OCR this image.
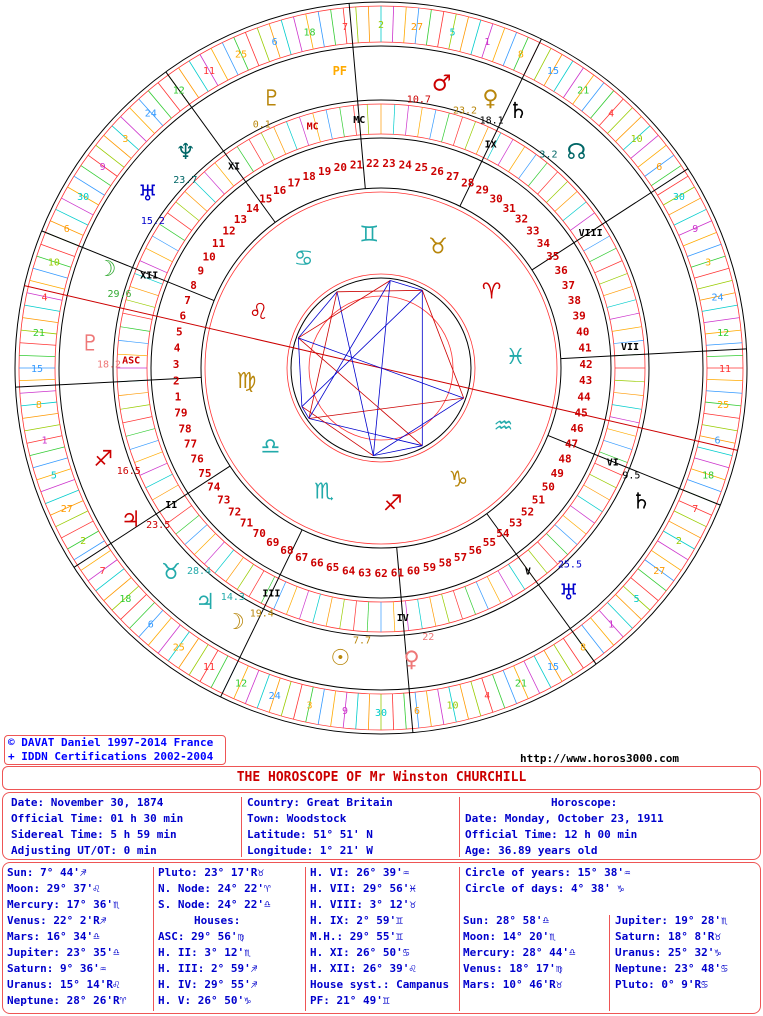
♊ ♉
♈
♓
♒
♑
♐
♏
♎
♍
♌
♋
1
2
3
4
5
6
7
8
9
10
11
12
13
14
15
16
17 18 19 20 21 22 23 24 25 26 27 28
29
30
31
32
33
34
35
36
37
38
39
40
41
42
43
44
45
46
47
48
49
50
51
52
53
54
55
56
57
58
59
60
61
62
63
64
65
66
67
68
69
70
71
72
73
74
75
76
77
78
79
11
12
24
3
9
30
6
10
4
21
15
8
1
5
27
2
7
18
6
25
11
12
24
3
9
30
6
10
4
21
15
8
1
5
27
2
7
18
6
25
11
12
24
3
9	30	6
10
4
21
15
8
1
5
27
2
7
18
6
25
♇
0.1
♂
10.7	♄
18.1
♆
23.7
♀
23.2
☊
3.2
♅
15.2
☽
29.6
♇
18.2
♐ 16.5
♃ 23.5
♉ 28.4
♃ 14.3
☽ 19.4
☉
7.7
♀
22
♅
25.5
♄
9.5
PF
MC
ASC
II
III
IV
V
VI
VII
VIII
IX
MC
XI
XII
© DAVAT Daniel 1997-2014 France
+ IDDN Certifications 2002-2004	http://www.horos3000.com
THE HOROSCOPE OF Mr Winston CHURCHILL
Date: November 30, 1874
Official Time: 01 h 30 min
Sidereal Time: 5 h 59 min
Adjusting UT/OT: 0 min
Country: Great Britain
Town: Woodstock
Latitude: 51° 51' N
Longitude: 1° 21' W
Horoscope:
Date: Monday, October 23, 1911
Official Time: 12 h 00 min
Age: 36.89 years old
Sun: 7° 44'♐
Moon: 29° 37'♌
Mercury: 17° 36'♏
Venus: 22° 2'R♐
Mars: 16° 34'♎
Jupiter: 23° 35'♎
Saturn: 9° 36'♒
Uranus: 15° 14'R♌
Neptune: 28° 26'R♈
Pluto: 23° 17'R♉
N. Node: 24° 22'♈
S. Node: 24° 22'♎
Houses:
ASC: 29° 56'♍
H. II: 3° 12'♏
H. III: 2° 59'♐
H. IV: 29° 55'♐
H. V: 26° 50'♑
H. VI: 26° 39'♒
H. VII: 29° 56'♓
H. VIII: 3° 12'♉
H. IX: 2° 59'♊
M.H.: 29° 55'♊
H. XI: 26° 50'♋
H. XII: 26° 39'♌
House syst.: Campanus
PF: 21° 49'♊
Circle of years: 15° 38'♒
Circle of days: 4° 38' ♑
Sun: 28° 58'♎
Moon: 14° 20'♏
Mercury: 28° 44'♎
Venus: 18° 17'♍
Mars: 10° 46'R♉
Jupiter: 19° 28'♏
Saturn: 18° 8'R♉
Uranus: 25° 32'♑
Neptune: 23° 48'♋
Pluto: 0° 9'R♋
